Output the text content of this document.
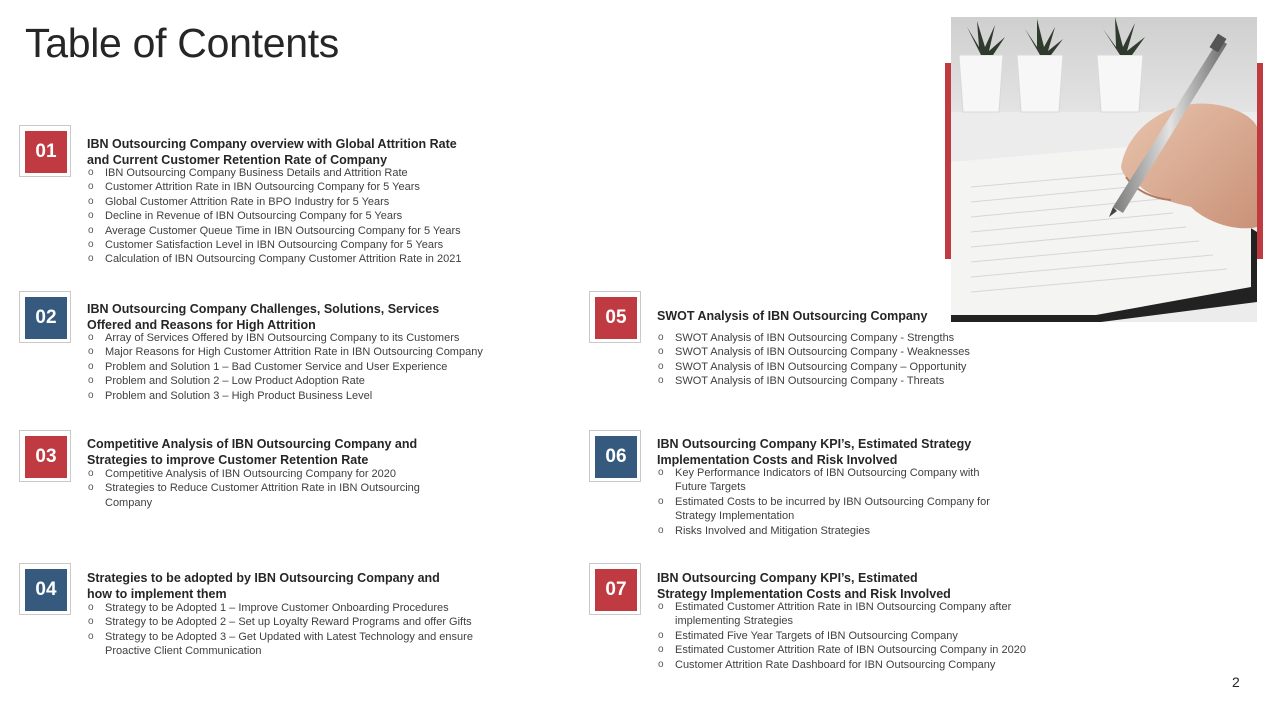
Table of Contents
01	IBN Outsourcing Company overview with Global Attrition Rate
and Current Customer Retention Rate of Company
o IBN Outsourcing Company Business Details and Attrition Rate
o Customer Attrition Rate in IBN Outsourcing Company for 5 Years
o Global Customer Attrition Rate in BPO Industry for 5 Years
o Decline in Revenue of IBN Outsourcing Company for 5 Years
o Average Customer Queue Time in IBN Outsourcing Company for 5 Years
o Customer Satisfaction Level in IBN Outsourcing Company for 5 Years
o Calculation of IBN Outsourcing Company Customer Attrition Rate in 2021
02	IBN Outsourcing Company Challenges, Solutions, Services
Offered and Reasons for High Attrition
o Array of Services Offered by IBN Outsourcing Company to its Customers
o Major Reasons for High Customer Attrition Rate in IBN Outsourcing Company
o Problem and Solution 1 – Bad Customer Service and User Experience
o Problem and Solution 2 – Low Product Adoption Rate
o Problem and Solution 3 – High Product Business Level
03
Competitive Analysis of IBN Outsourcing Company and
Strategies to improve Customer Retention Rate
o Competitive Analysis of IBN Outsourcing Company for 2020
o Strategies to Reduce Customer Attrition Rate in IBN Outsourcing Company
04
Strategies to be adopted by IBN Outsourcing Company and
how to implement them
o Strategy to be Adopted 1 – Improve Customer Onboarding Procedures
o Strategy to be Adopted 2 – Set up Loyalty Reward Programs and offer Gifts
o Strategy to be Adopted 3 – Get Updated with Latest Technology and ensure Proactive Client Communication
05	SWOT Analysis of IBN Outsourcing Company
o SWOT Analysis of IBN Outsourcing Company - Strengths
o SWOT Analysis of IBN Outsourcing Company - Weaknesses
o SWOT Analysis of IBN Outsourcing Company – Opportunity
o SWOT Analysis of IBN Outsourcing Company - Threats
06
IBN Outsourcing Company KPI’s, Estimated Strategy
Implementation Costs and Risk Involved
o Key Performance Indicators of IBN Outsourcing Company with Future Targets
o Estimated Costs to be incurred by IBN Outsourcing Company for Strategy Implementation
o Risks Involved and Mitigation Strategies
07
IBN Outsourcing Company KPI’s, Estimated
Strategy Implementation Costs and Risk Involved
o Estimated Customer Attrition Rate in IBN Outsourcing Company after implementing Strategies
o Estimated Five Year Targets of IBN Outsourcing Company
o Estimated Customer Attrition Rate of IBN Outsourcing Company in 2020
o Customer Attrition Rate Dashboard for IBN Outsourcing Company
2
